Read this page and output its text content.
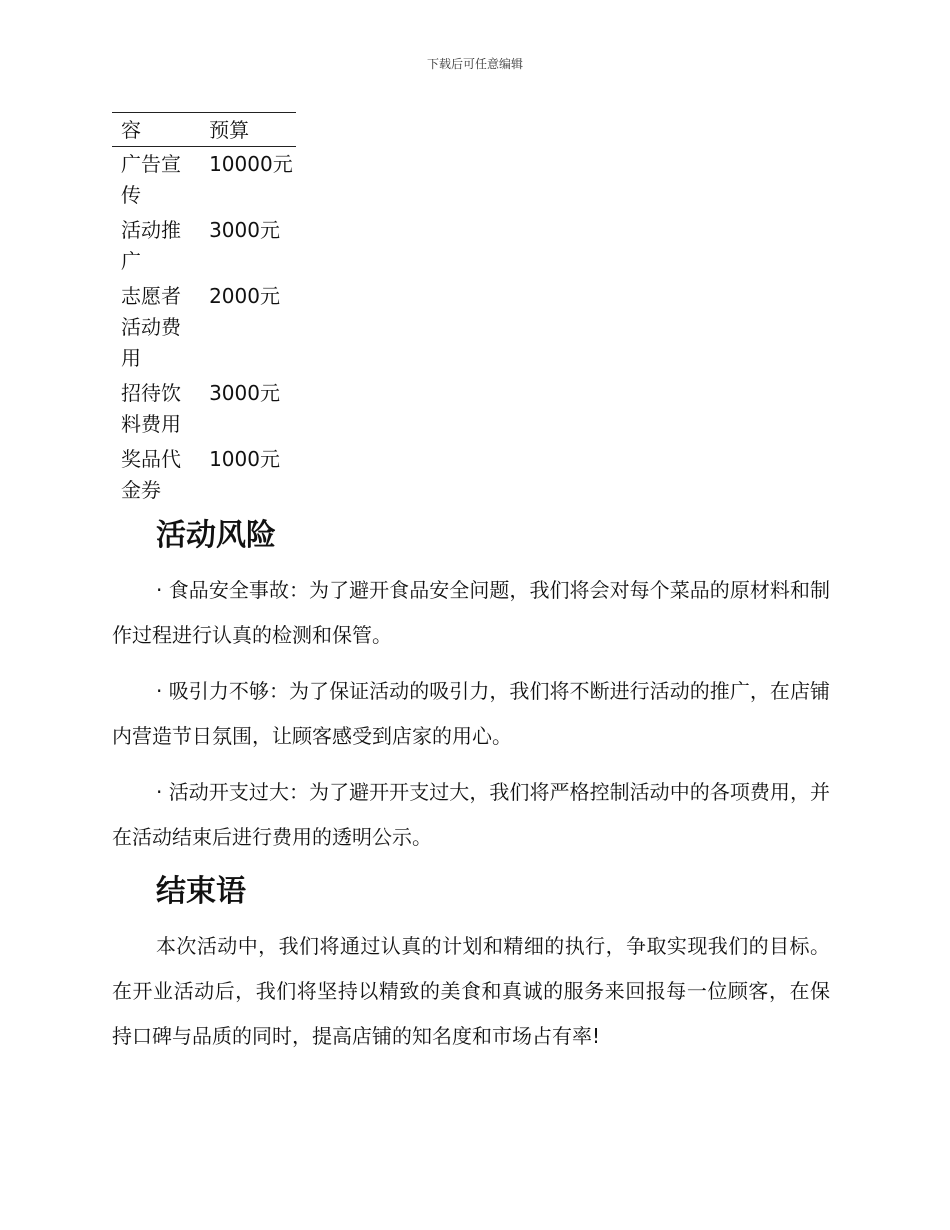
下载后可任意编辑
容	预算
广告宣传	10000元
活动推广	3000元
志愿者活动费用	2000元
招待饮料费用	3000元
奖品代金券	1000元
活动风险

· 食品安全事故：为了避开食品安全问题，我们将会对每个菜品的原材料和制作过程进行认真的检测和保管。

· 吸引力不够：为了保证活动的吸引力，我们将不断进行活动的推广，在店铺内营造节日氛围，让顾客感受到店家的用心。

· 活动开支过大：为了避开开支过大，我们将严格控制活动中的各项费用，并在活动结束后进行费用的透明公示。

结束语

本次活动中，我们将通过认真的计划和精细的执行，争取实现我们的目标。在开业活动后，我们将坚持以精致的美食和真诚的服务来回报每一位顾客，在保持口碑与品质的同时，提高店铺的知名度和市场占有率!
